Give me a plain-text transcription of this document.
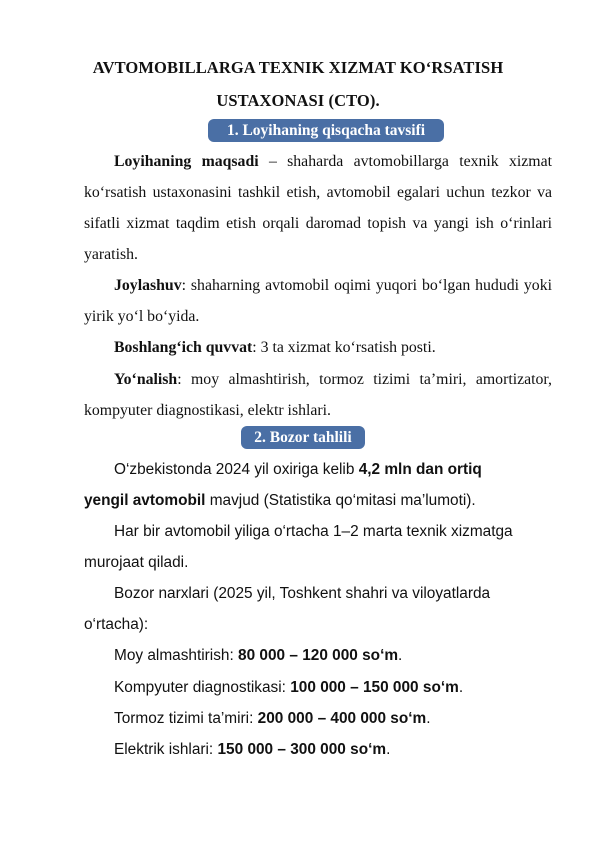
AVTOMOBILLARGA TEXNIK XIZMAT KO‘RSATISH
USTAXONASI (CTO).
1. Loyihaning qisqacha tavsifi
Loyihaning maqsadi – shaharda avtomobillarga texnik xizmat ko‘rsatish ustaxonasini tashkil etish, avtomobil egalari uchun tezkor va sifatli xizmat taqdim etish orqali daromad topish va yangi ish o‘rinlari yaratish.
Joylashuv: shaharning avtomobil oqimi yuqori bo‘lgan hududi yoki yirik yo‘l bo‘yida.
Boshlang‘ich quvvat: 3 ta xizmat ko‘rsatish posti.
Yo‘nalish: moy almashtirish, tormoz tizimi ta’miri, amortizator, kompyuter diagnostikasi, elektr ishlari.
2. Bozor tahlili
O‘zbekistonda 2024 yil oxiriga kelib 4,2 mln dan ortiq yengil avtomobil mavjud (Statistika qo‘mitasi ma’lumoti).
Har bir avtomobil yiliga o‘rtacha 1–2 marta texnik xizmatga murojaat qiladi.
Bozor narxlari (2025 yil, Toshkent shahri va viloyatlarda o‘rtacha):
Moy almashtirish: 80 000 – 120 000 so‘m.
Kompyuter diagnostikasi: 100 000 – 150 000 so‘m.
Tormoz tizimi ta’miri: 200 000 – 400 000 so‘m.
Elektrik ishlari: 150 000 – 300 000 so‘m.
